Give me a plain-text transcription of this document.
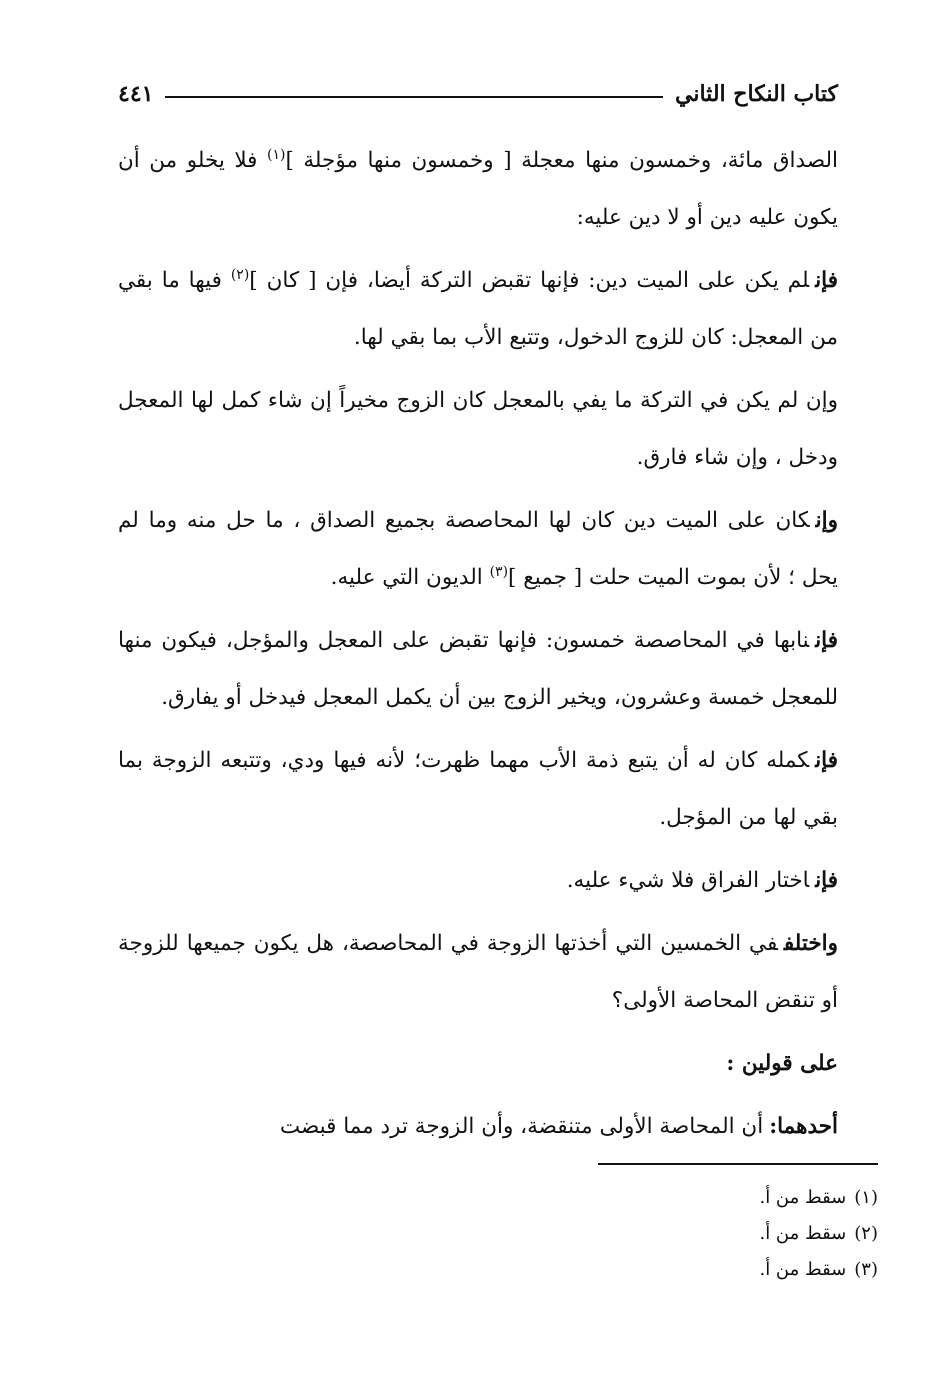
كتاب النكاح الثاني
٤٤١

الصداق مائة، وخمسون منها معجلة [ وخمسون منها مؤجلة ]$^{(١)}$ فلا يخلو من أن يكون عليه دين أو لا دين عليه:

فإنلم يكن على الميت دين: فإنها تقبض التركة أيضا، فإن [ كان ]$^{(٢)}$ فيها ما بقي من المعجل: كان للزوج الدخول، وتتبع الأب بما بقي لها.

وإن لم يكن في التركة ما يفي بالمعجل كان الزوج مخيراً إن شاء كمل لها المعجل ودخل ، وإن شاء فارق.

وإنكان على الميت دين كان لها المحاصصة بجميع الصداق ، ما حل منه وما لم يحل ؛ لأن بموت الميت حلت [ جميع ]$^{(٣)}$ الديون التي عليه.

فإننابها في المحاصصة خمسون: فإنها تقبض على المعجل والمؤجل، فيكون منها للمعجل خمسة وعشرون، ويخير الزوج بين أن يكمل المعجل فيدخل أو يفارق.

فإنكمله كان له أن يتبع ذمة الأب مهما ظهرت؛ لأنه فيها ودي، وتتبعه الزوجة بما بقي لها من المؤجل.

فإناختار الفراق فلا شيء عليه.

واختلففي الخمسين التي أخذتها الزوجة في المحاصصة، هل يكون جميعها للزوجة أو تنقض المحاصة الأولى؟

على قولين :

أحدهما:أن المحاصة الأولى متنقضة، وأن الزوجة ترد مما قبضت

(١)سقط من أ.

(٢)سقط من أ.

(٣)سقط من أ.
